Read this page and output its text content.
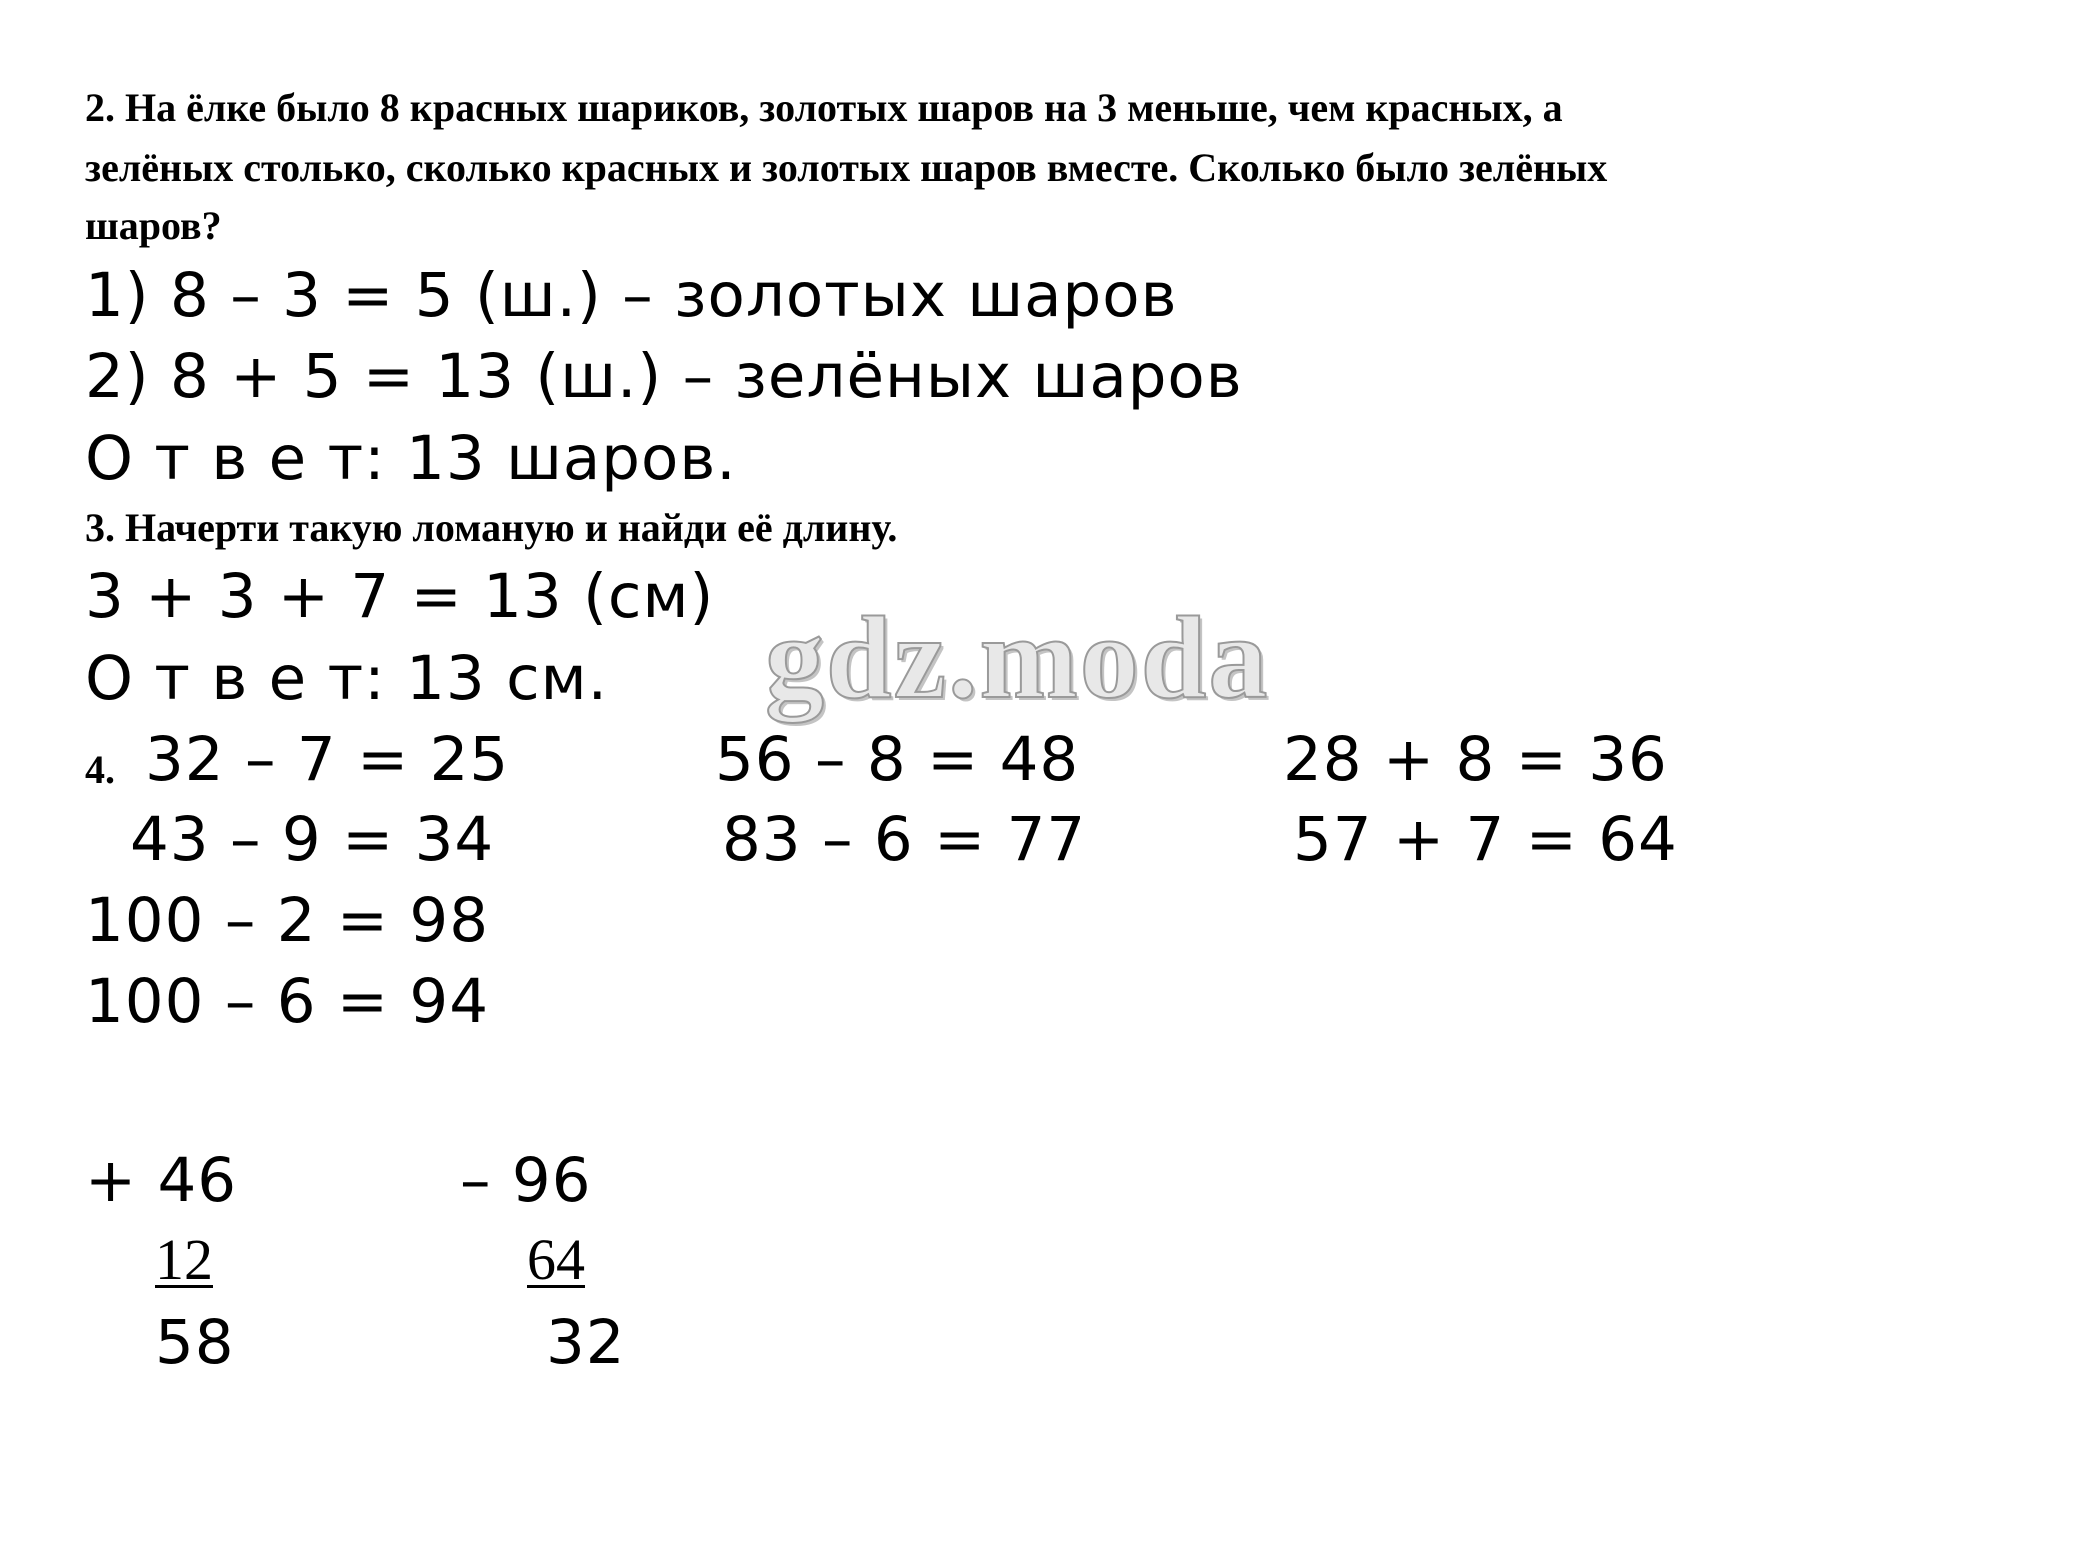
2. На ёлке было 8 красных шариков, золотых шаров на 3 меньше, чем красных, а
зелёных столько, сколько красных и золотых шаров вместе. Сколько было зелёных
шаров?
1) 8 – 3 = 5 (ш.) – золотых шаров
2) 8 + 5 = 13 (ш.) – зелёных шаров
О т в е т: 13 шаров.
3. Начерти такую ломаную и найди её длину.
3 + 3 + 7 = 13 (см)
О т в е т: 13 см. gdz.moda
4. 32 – 7 = 25	56 – 8 = 48	28 + 8 = 36
43 – 9 = 34	83 – 6 = 77	57 + 7 = 64
100 – 2 = 98
100 – 6 = 94
+ 46
12
58
– 96
64
32
